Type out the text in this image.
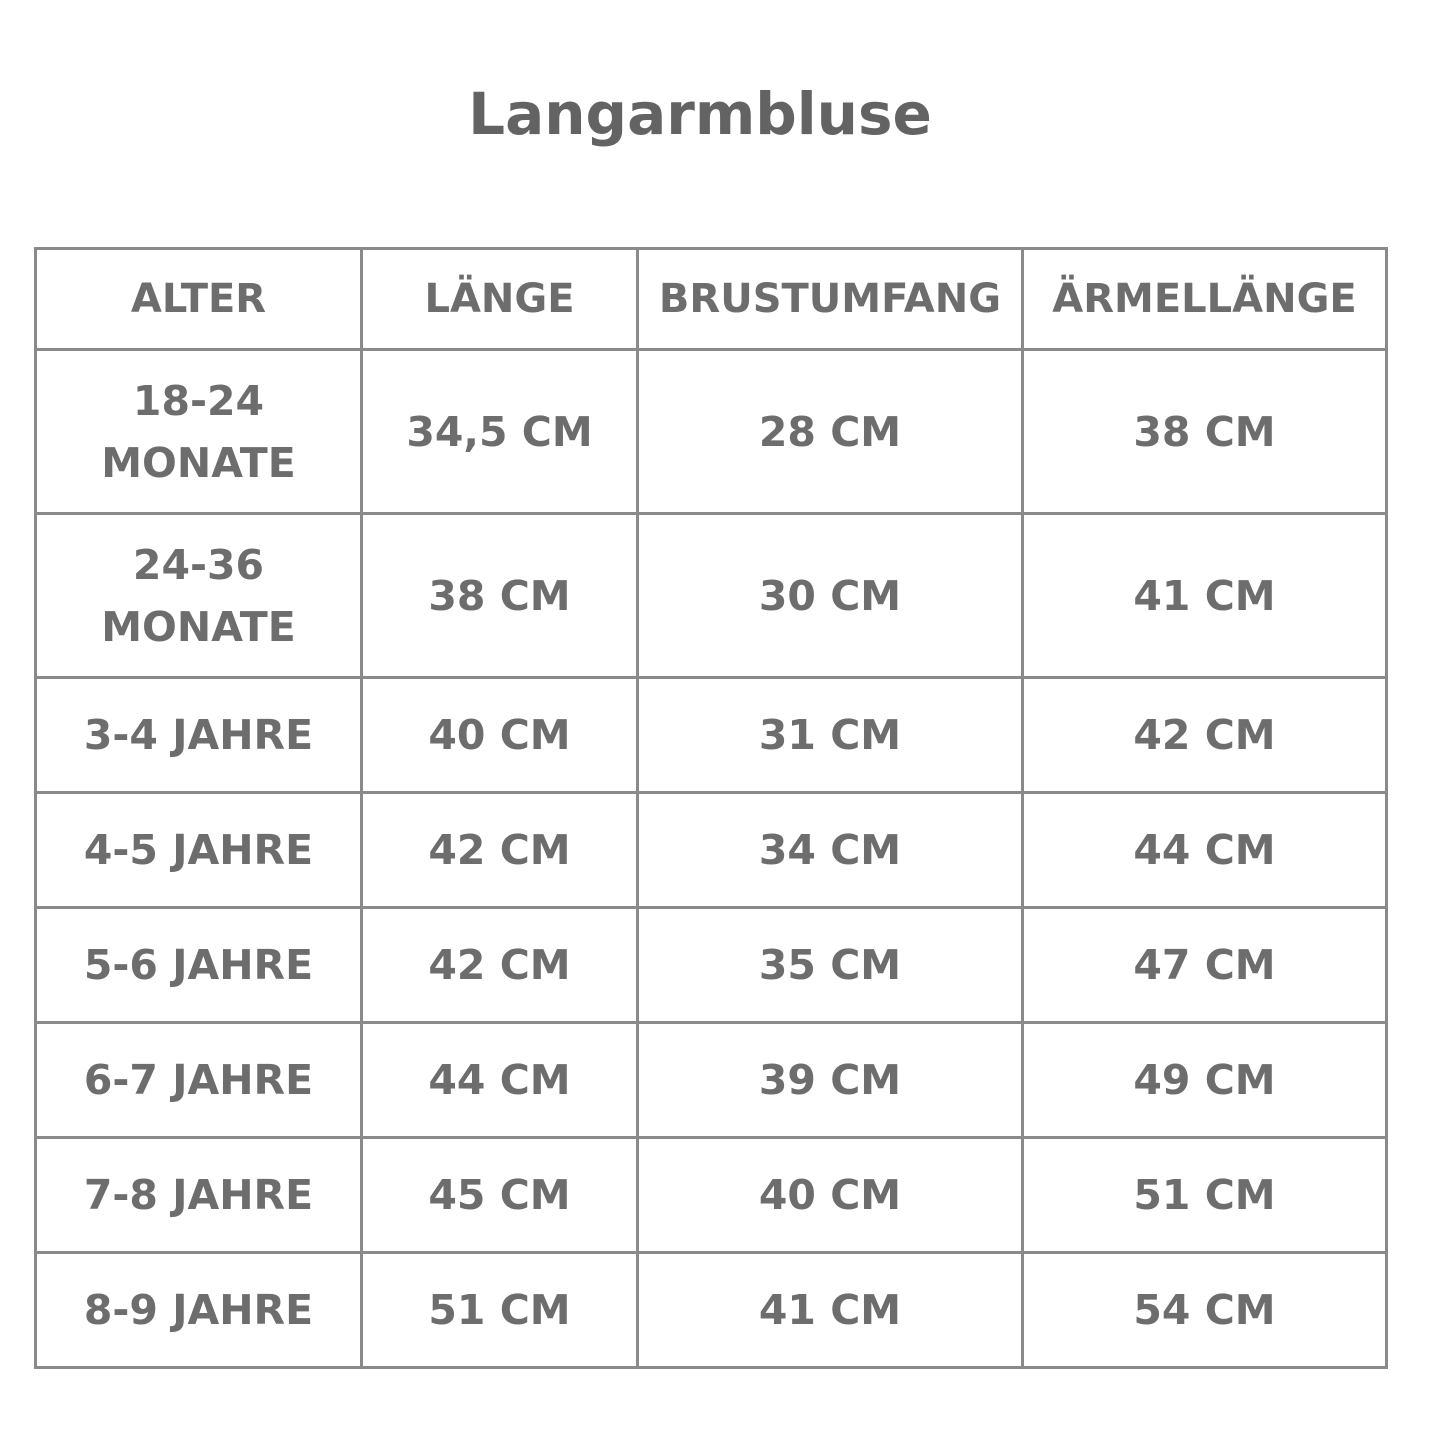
Langarmbluse
ALTER	LÄNGE	BRUSTUMFANG	ÄRMELLÄNGE
18-24 MONATE	34,5 CM	28 CM	38 CM
24-36 MONATE	38 CM	30 CM	41 CM
3-4 JAHRE	40 CM	31 CM	42 CM
4-5 JAHRE	42 CM	34 CM	44 CM
5-6 JAHRE	42 CM	35 CM	47 CM
6-7 JAHRE	44 CM	39 CM	49 CM
7-8 JAHRE	45 CM	40 CM	51 CM
8-9 JAHRE	51 CM	41 CM	54 CM
